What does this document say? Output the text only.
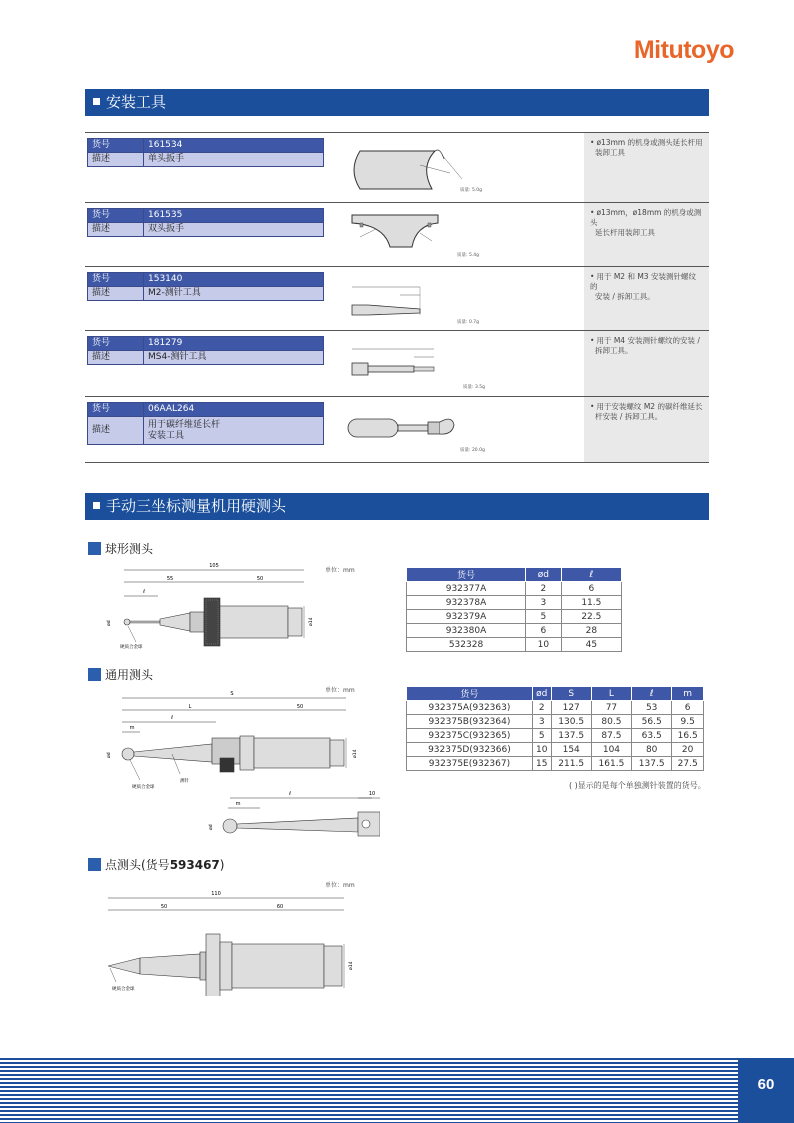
Mitutoyo
安装工具
货号	161534
描述	单头扳手
质量: 5.0g
• ø13mm 的机身或测头延长杆用
装卸工具
货号	161535
描述	双头扳手
质量: 5.4g
• ø13mm，ø18mm 的机身或测头
延长杆用装卸工具
货号	153140
描述	M2-测针工具
质量: 0.7g
• 用于 M2 和 M3 安装测针螺纹的
安装 / 拆卸工具。
货号	181279
描述	MS4-测针工具
质量: 3.5g
• 用于 M4 安装测针螺纹的安装 /
拆卸工具。
货号	06AAL264
描述	用于碳纤维延长杆
安装工具
质量: 20.0g
• 用于安装螺纹 M2 的碳纤维延长
杆安装 / 拆卸工具。
手动三坐标测量机用硬测头
球形测头
单位：mm
105
55	50
ℓ
ø14
ød
硬质合金球
货号	ød	ℓ
932377A	2	6
932378A	3	11.5
932379A	5	22.5
932380A	6	28
532328	10	45
通用测头
单位：mm
S
L	50
ℓ
m
ø14
ød
硬质合金球
测针
ℓ	10
m
ød
货号	ød	S	L	ℓ	m
932375A(932363)	2	127	77	53	6
932375B(932364)	3	130.5	80.5	56.5	9.5
932375C(932365)	5	137.5	87.5	63.5	16.5
932375D(932366)	10	154	104	80	20
932375E(932367)	15	211.5	161.5	137.5	27.5
( )显示的是每个单独测针装置的货号。
点测头(货号593467)
单位：mm
110
50	60
ø14
硬质合金球
60
